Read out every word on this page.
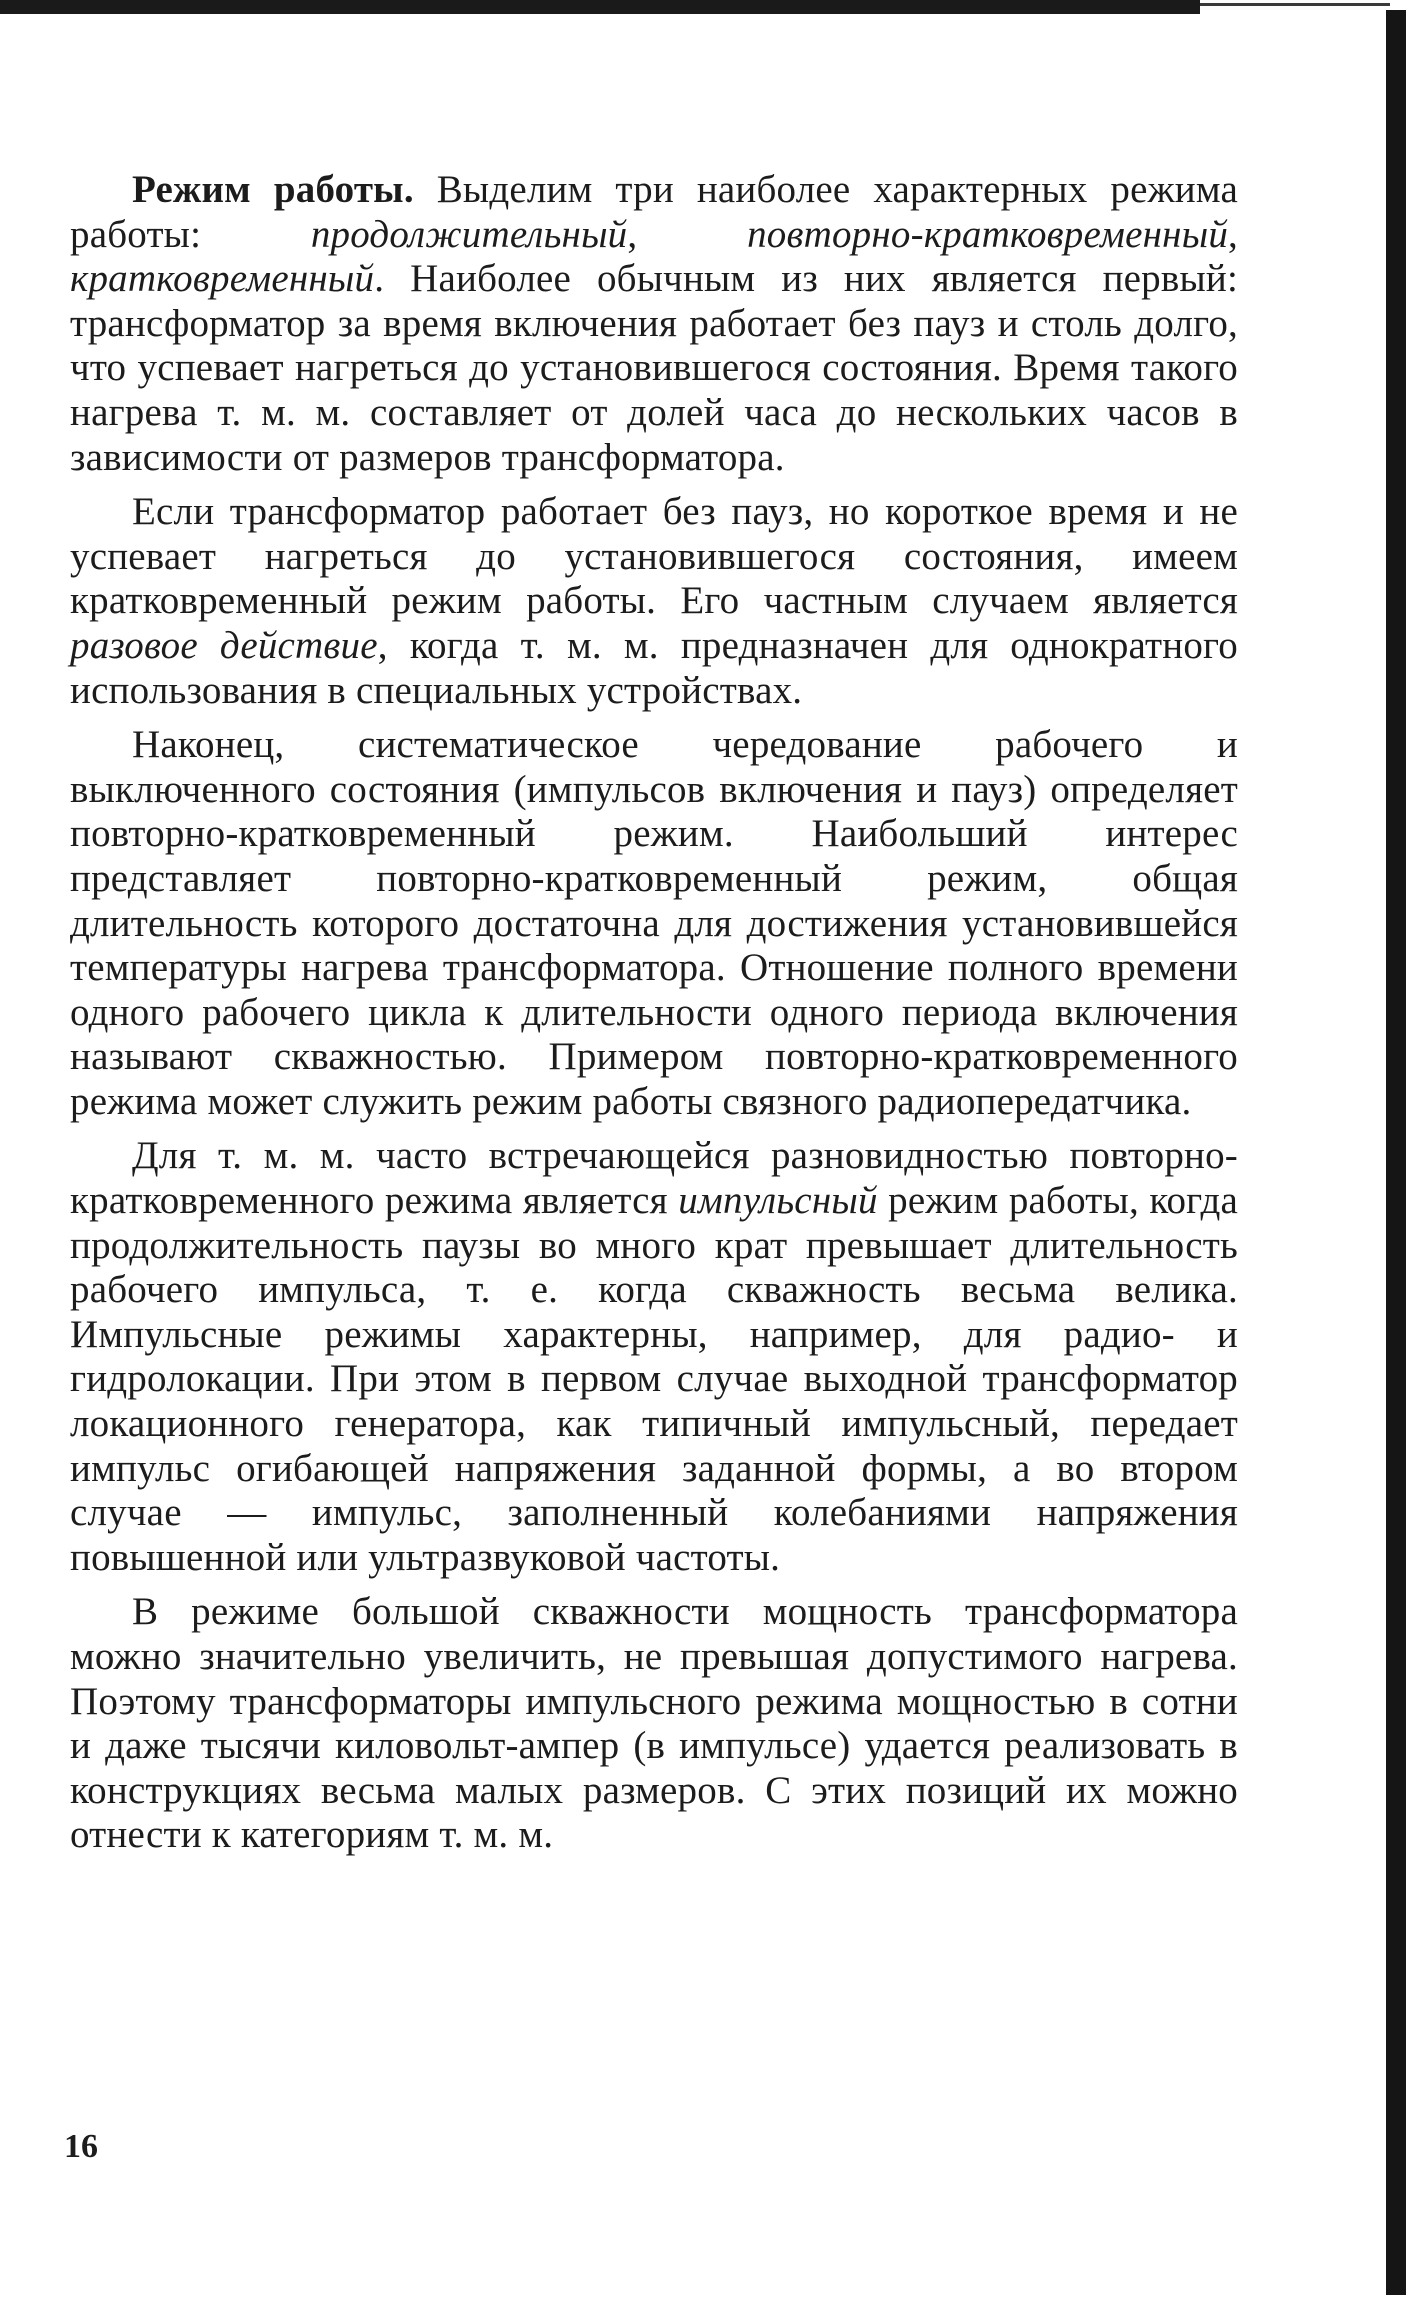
Режим работы. Выделим три наиболее характерных режима работы: продолжительный, повторно-кратковременный, кратковременный. Наиболее обычным из них является первый: трансформатор за время включения работает без пауз и столь долго, что успевает нагреться до установившегося состояния. Время такого нагрева т. м. м. составляет от долей часа до нескольких часов в зависимости от размеров трансформатора.

Если трансформатор работает без пауз, но короткое время и не успевает нагреться до установившегося состояния, имеем кратковременный режим работы. Его частным случаем является разовое действие, когда т. м. м. предназначен для однократного использования в специальных устройствах.

Наконец, систематическое чередование рабочего и выключенного состояния (импульсов включения и пауз) определяет повторно-кратковременный режим. Наибольший интерес представляет повторно-кратковременный режим, общая длительность которого достаточна для достижения установившейся температуры нагрева трансформатора. Отношение полного времени одного рабочего цикла к длительности одного периода включения называют скважностью. Примером повторно-кратковременного режима может служить режим работы связного радиопередатчика.

Для т. м. м. часто встречающейся разновидностью повторно-кратковременного режима является импульсный режим работы, когда продолжительность паузы во много крат превышает длительность рабочего импульса, т. е. когда скважность весьма велика. Импульсные режимы характерны, например, для радио- и гидролокации. При этом в первом случае выходной трансформатор локационного генератора, как типичный импульсный, передает импульс огибающей напряжения заданной формы, а во втором случае — импульс, заполненный колебаниями напряжения повышенной или ультразвуковой частоты.

В режиме большой скважности мощность трансформатора можно значительно увеличить, не превышая допустимого нагрева. Поэтому трансформаторы импульсного режима мощностью в сотни и даже тысячи киловольт-ампер (в импульсе) удается реализовать в конструкциях весьма малых размеров. С этих позиций их можно отнести к категориям т. м. м.

16
